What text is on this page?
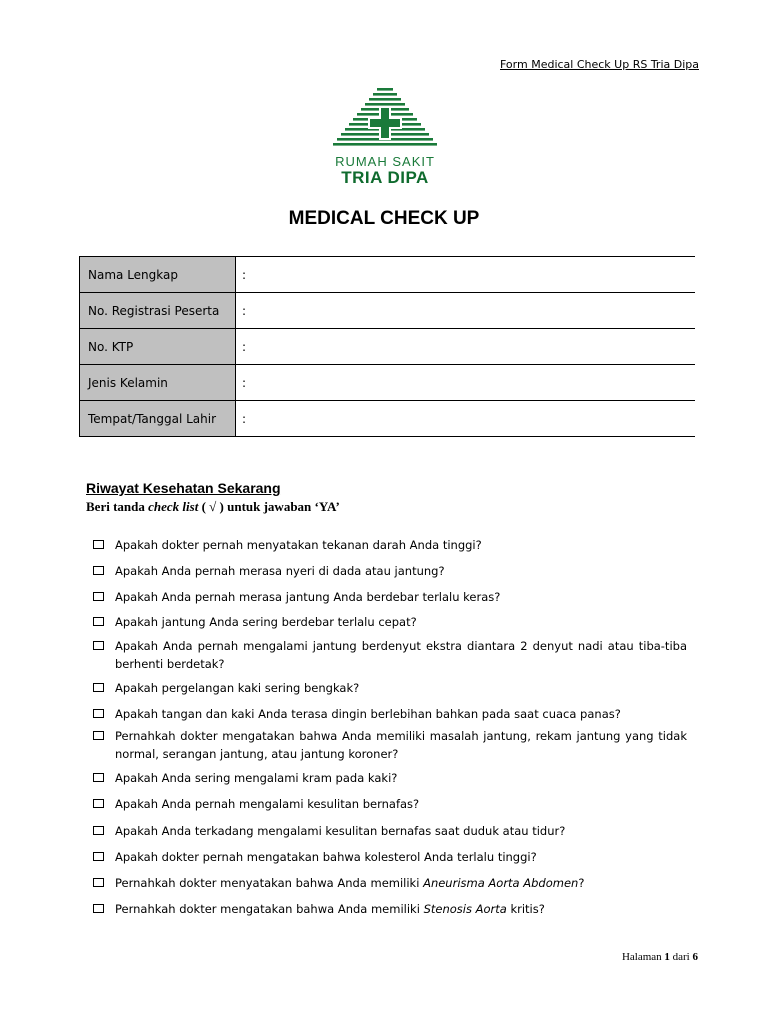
Form Medical Check Up RS Tria Dipa
RUMAH SAKIT
TRIA DIPA
MEDICAL CHECK UP
Nama Lengkap	:
No. Registrasi Peserta	:
No. KTP	:
Jenis Kelamin	:
Tempat/Tanggal Lahir	:
Riwayat Kesehatan Sekarang
Beri tanda check list ( √ ) untuk jawaban ‘YA’
Apakah dokter pernah menyatakan tekanan darah Anda tinggi?
Apakah Anda pernah merasa nyeri di dada atau jantung?
Apakah Anda pernah merasa jantung Anda berdebar terlalu keras?
Apakah jantung Anda sering berdebar terlalu cepat?
Apakah Anda pernah mengalami jantung berdenyut ekstra diantara 2 denyut nadi atau tiba-tiba berhenti berdetak?
Apakah pergelangan kaki sering bengkak?
Apakah tangan dan kaki Anda terasa dingin berlebihan bahkan pada saat cuaca panas?
Pernahkah dokter mengatakan bahwa Anda memiliki masalah jantung, rekam jantung yang tidak normal, serangan jantung, atau jantung koroner?
Apakah Anda sering mengalami kram pada kaki?
Apakah Anda pernah mengalami kesulitan bernafas?
Apakah Anda terkadang mengalami kesulitan bernafas saat duduk atau tidur?
Apakah dokter pernah mengatakan bahwa kolesterol Anda terlalu tinggi?
Pernahkah dokter menyatakan bahwa Anda memiliki Aneurisma Aorta Abdomen?
Pernahkah dokter mengatakan bahwa Anda memiliki Stenosis Aorta kritis?
Halaman 1 dari 6
